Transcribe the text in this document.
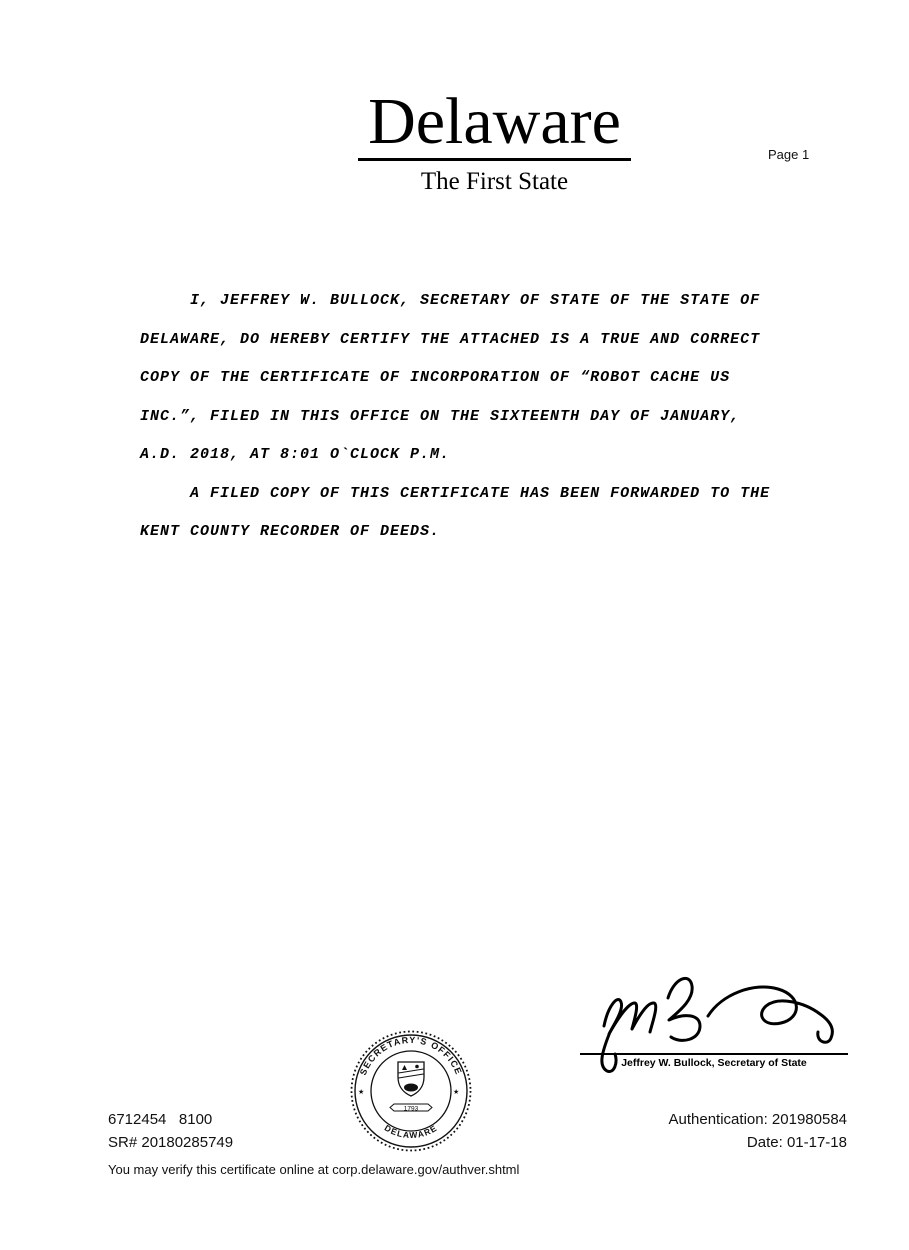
Delaware
The First State
Page 1
I, JEFFREY W. BULLOCK, SECRETARY OF STATE OF THE STATE OF
DELAWARE, DO HEREBY CERTIFY THE ATTACHED IS A TRUE AND CORRECT
COPY OF THE CERTIFICATE OF INCORPORATION OF “ROBOT CACHE US
INC.”, FILED IN THIS OFFICE ON THE SIXTEENTH DAY OF JANUARY,
A.D. 2018, AT 8:01 O`CLOCK P.M.
A FILED COPY OF THIS CERTIFICATE HAS BEEN FORWARDED TO THE
KENT COUNTY RECORDER OF DEEDS.
Jeffrey W. Bullock, Secretary of State
SECRETARY'S OFFICE
DELAWARE
★	★
1793
6712454   8100
SR# 20180285749
Authentication: 201980584
Date: 01-17-18
You may verify this certificate online at corp.delaware.gov/authver.shtml
